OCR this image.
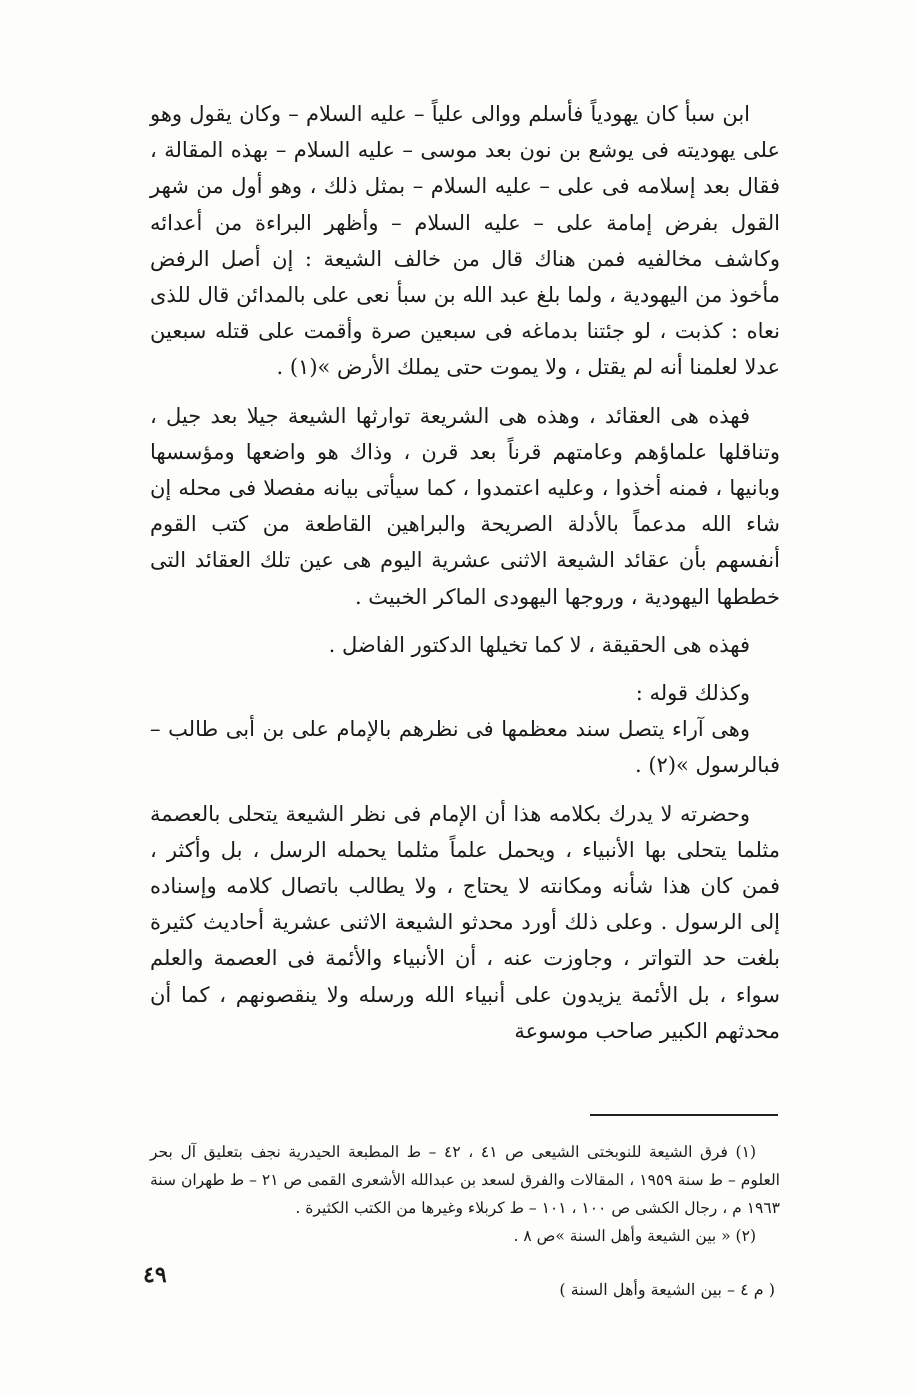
ابن سبأ كان يهودياً فأسلم ووالى علياً – عليه السلام – وكان يقول وهو على يهوديته فى يوشع بن نون بعد موسى – عليه السلام – بهذه المقالة ، فقال بعد إسلامه فى على – عليه السلام – بمثل ذلك ، وهو أول من شهر القول بفرض إمامة على – عليه السلام – وأظهر البراءة من أعدائه وكاشف مخالفيه فمن هناك قال من خالف الشيعة : إن أصل الرفض مأخوذ من اليهودية ، ولما بلغ عبد الله بن سبأ نعى على بالمدائن قال للذى نعاه : كذبت ، لو جئتنا بدماغه فى سبعين صرة وأقمت على قتله سبعين عدلا لعلمنا أنه لم يقتل ، ولا يموت حتى يملك الأرض »(١) .

فهذه هى العقائد ، وهذه هى الشريعة توارثها الشيعة جيلا بعد جيل ، وتناقلها علماؤهم وعامتهم قرناً بعد قرن ، وذاك هو واضعها ومؤسسها وبانيها ، فمنه أخذوا ، وعليه اعتمدوا ، كما سيأتى بيانه مفصلا فى محله إن شاء الله مدعماً بالأدلة الصريحة والبراهين القاطعة من كتب القوم أنفسهم بأن عقائد الشيعة الاثنى عشرية اليوم هى عين تلك العقائد التى خططها اليهودية ، وروجها اليهودى الماكر الخبيث .

فهذه هى الحقيقة ، لا كما تخيلها الدكتور الفاضل .

وكذلك قوله :

وهى آراء يتصل سند معظمها فى نظرهم بالإمام على بن أبى طالب – فبالرسول »(٢) .

وحضرته لا يدرك بكلامه هذا أن الإمام فى نظر الشيعة يتحلى بالعصمة مثلما يتحلى بها الأنبياء ، ويحمل علماً مثلما يحمله الرسل ، بل وأكثر ، فمن كان هذا شأنه ومكانته لا يحتاج ، ولا يطالب باتصال كلامه وإسناده إلى الرسول . وعلى ذلك أورد محدثو الشيعة الاثنى عشرية أحاديث كثيرة بلغت حد التواتر ، وجاوزت عنه ، أن الأنبياء والأئمة فى العصمة والعلم سواء ، بل الأئمة يزيدون على أنبياء الله ورسله ولا ينقصونهم ، كما أن محدثهم الكبير صاحب موسوعة

(١) فرق الشيعة للنوبختى الشيعى ص ٤١ ، ٤٢ – ط المطبعة الحيدرية نجف بتعليق آل بحر العلوم – ط سنة ١٩٥٩ ، المقالات والفرق لسعد بن عبدالله الأشعرى القمى ص ٢١ – ط طهران سنة ١٩٦٣ م ، رجال الكشى ص ١٠٠ ، ١٠١ – ط كربلاء وغيرها من الكتب الكثيرة .

(٢) « بين الشيعة وأهل السنة »ص ٨ .

٤٩
( م ٤ – بين الشيعة وأهل السنة )
